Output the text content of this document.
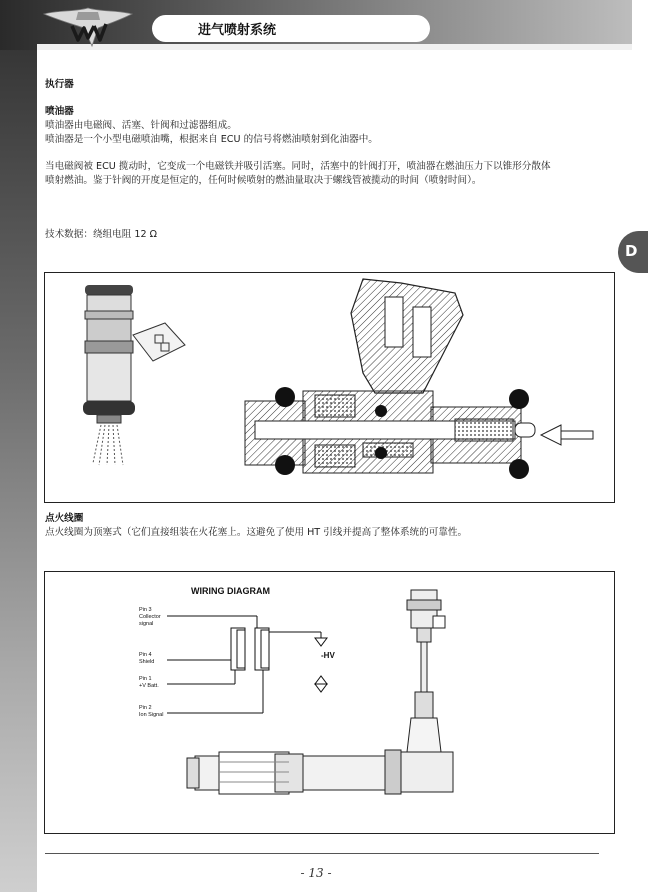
进气喷射系统
D
执行器
喷油器
喷油器由电磁阀、活塞、针阀和过滤器组成。
喷油器是一个小型电磁喷油嘴，根据来自 ECU 的信号将燃油喷射到化油器中。
当电磁阀被 ECU 揽动时，它变成一个电磁铁并吸引活塞。同时，活塞中的针阀打开，喷油器在燃油压力下以锥形分散体
喷射燃油。鉴于针阀的开度是恒定的，任何时候喷射的燃油量取决于螺线管被揽动的时间（喷射时间）。
技术数据：绕组电阻 12 Ω
点火线圈
点火线圈为顶塞式（它们直接组装在火花塞上。这避免了使用 HT 引线并提高了整体系统的可靠性。
WIRING DIAGRAM
Pin 3
Collector
signal
Pin 4
Shield
Pin 1
+V Batt.
Pin 2
Ion Signal
-HV
- 13 -
